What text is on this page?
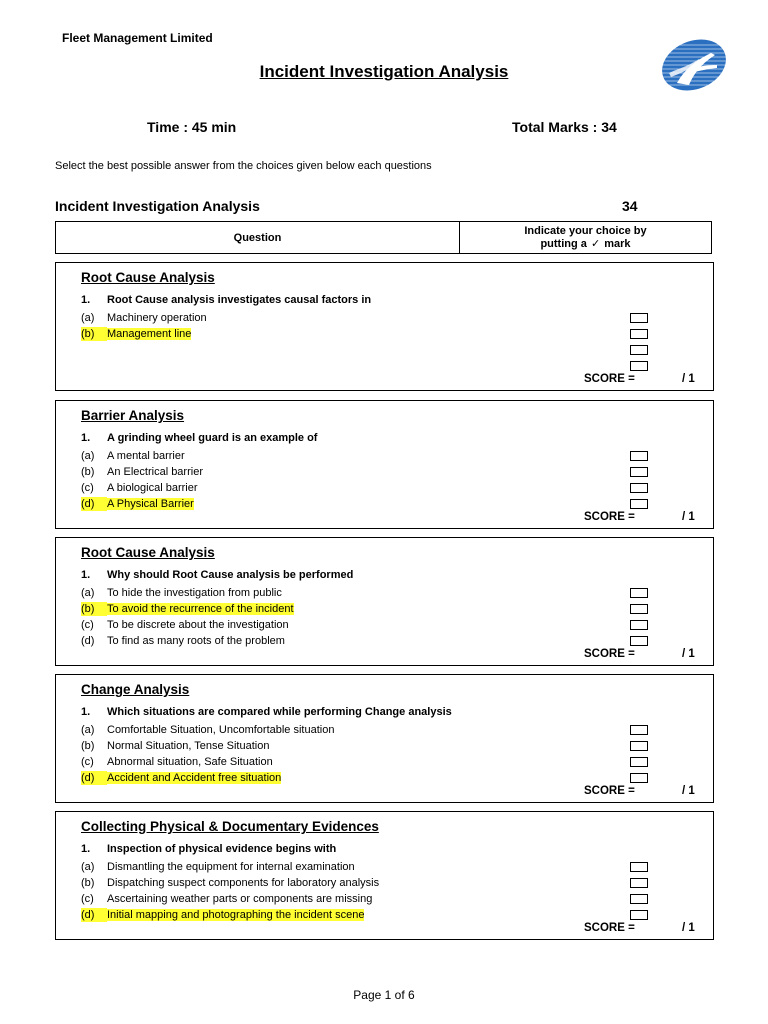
Fleet Management Limited
Incident Investigation Analysis
Time : 45 min	Total Marks : 34
Select the best possible answer from the choices given below each questions
Incident Investigation Analysis	34
Question
Indicate your choice by
putting a ✓ mark
Root Cause Analysis
1. Root Cause analysis investigates causal factors in
(a) Machinery operation
(b) Management line
SCORE =	/ 1
Barrier Analysis
1. A grinding wheel guard is an example of
(a) A mental barrier
(b) An Electrical barrier
(c) A biological barrier
(d) A Physical Barrier
SCORE =	/ 1
Root Cause Analysis
1. Why should Root Cause analysis be performed
(a) To hide the investigation from public
(b) To avoid the recurrence of the incident
(c) To be discrete about the investigation
(d) To find as many roots of the problem
SCORE =	/ 1
Change Analysis
1. Which situations are compared while performing Change analysis
(a) Comfortable Situation, Uncomfortable situation
(b) Normal Situation, Tense Situation
(c) Abnormal situation, Safe Situation
(d) Accident and Accident free situation
SCORE =	/ 1
Collecting Physical & Documentary Evidences
1. Inspection of physical evidence begins with
(a) Dismantling the equipment for internal examination
(b) Dispatching suspect components for laboratory analysis
(c) Ascertaining weather parts or components are missing
(d) Initial mapping and photographing the incident scene
SCORE =	/ 1
Page 1 of 6
